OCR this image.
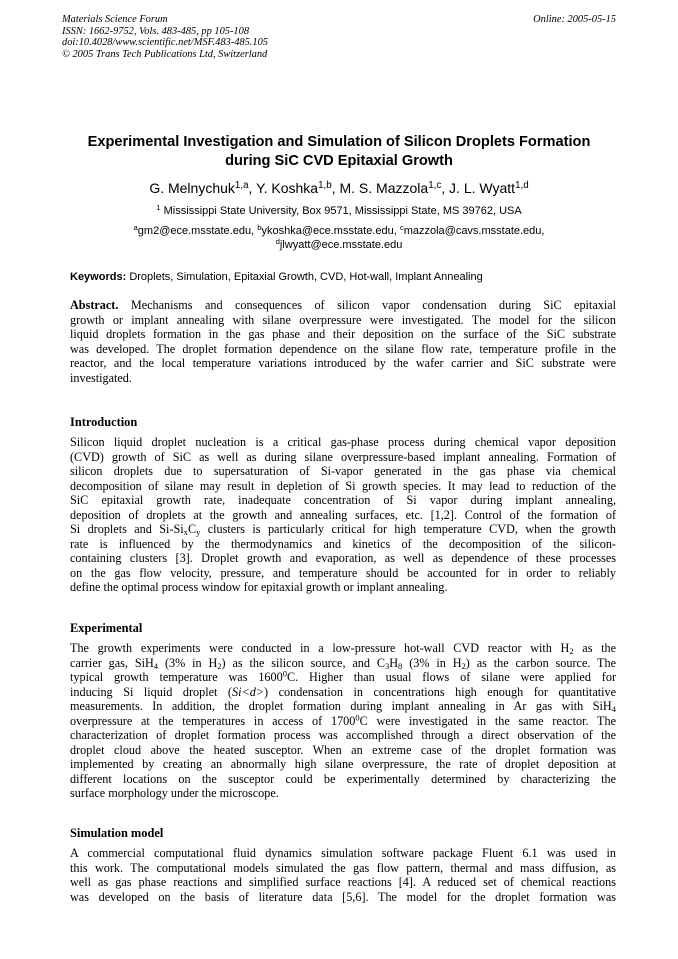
Materials Science Forum
ISSN: 1662-9752, Vols. 483-485, pp 105-108
doi:10.4028/www.scientific.net/MSF.483-485.105
© 2005 Trans Tech Publications Ltd, Switzerland
Online: 2005-05-15
Experimental Investigation and Simulation of Silicon Droplets Formation
during SiC CVD Epitaxial Growth
G. Melnychuk$^{1,a}$, Y. Koshka$^{1,b}$, M. S. Mazzola$^{1,c}$, J. L. Wyatt$^{1,d}$
$^1$ Mississippi State University, Box 9571, Mississippi State, MS 39762, USA
$^a$gm2@ece.msstate.edu, $^b$ykoshka@ece.msstate.edu, $^c$mazzola@cavs.msstate.edu,
$^d$jlwyatt@ece.msstate.edu
Keywords: Droplets, Simulation, Epitaxial Growth, CVD, Hot-wall, Implant Annealing
Abstract. Mechanisms and consequences of silicon vapor condensation during SiC epitaxial
growth or implant annealing with silane overpressure were investigated. The model for the silicon
liquid droplets formation in the gas phase and their deposition on the surface of the SiC substrate
was developed. The droplet formation dependence on the silane flow rate, temperature profile in the
reactor, and the local temperature variations introduced by the wafer carrier and SiC substrate were
investigated.
Introduction
Silicon liquid droplet nucleation is a critical gas-phase process during chemical vapor deposition
(CVD) growth of SiC as well as during silane overpressure-based implant annealing. Formation of
silicon droplets due to supersaturation of Si-vapor generated in the gas phase via chemical
decomposition of silane may result in depletion of Si growth species. It may lead to reduction of the
SiC epitaxial growth rate, inadequate concentration of Si vapor during implant annealing,
deposition of droplets at the growth and annealing surfaces, etc. [1,2]. Control of the formation of
Si droplets and $Si-Si_xC_y$ clusters is particularly critical for high temperature CVD, when the growth
rate is influenced by the thermodynamics and kinetics of the decomposition of the silicon-
containing clusters [3]. Droplet growth and evaporation, as well as dependence of these processes
on the gas flow velocity, pressure, and temperature should be accounted for in order to reliably
define the optimal process window for epitaxial growth or implant annealing.
Experimental
The growth experiments were conducted in a low-pressure hot-wall CVD reactor with $H_2$ as the
carrier gas, SiH$_4$ (3% in $H_2$) as the silicon source, and $C_3H_8$ (3% in $H_2$) as the carbon source. The
typical growth temperature was 1600$^0$C. Higher than usual flows of silane were applied for
inducing Si liquid droplet (Si<d>) condensation in concentrations high enough for quantitative
measurements. In addition, the droplet formation during implant annealing in Ar gas with SiH$_4$
overpressure at the temperatures in access of 1700$^0$C were investigated in the same reactor. The
characterization of droplet formation process was accomplished through a direct observation of the
droplet cloud above the heated susceptor. When an extreme case of the droplet formation was
implemented by creating an abnormally high silane overpressure, the rate of droplet deposition at
different locations on the susceptor could be experimentally determined by characterizing the
surface morphology under the microscope.
Simulation model
A commercial computational fluid dynamics simulation software package Fluent 6.1 was used in
this work. The computational models simulated the gas flow pattern, thermal and mass diffusion, as
well as gas phase reactions and simplified surface reactions [4]. A reduced set of chemical reactions
was developed on the basis of literature data [5,6]. The model for the droplet formation was
